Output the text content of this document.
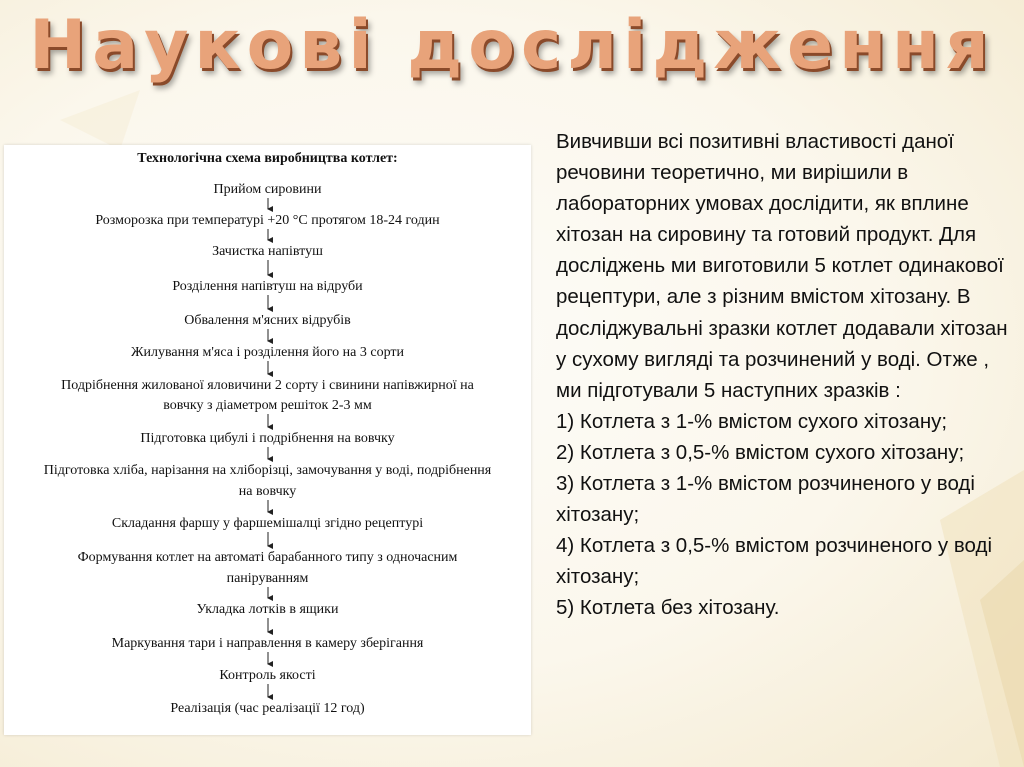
Наукові дослідження
Технологічна схема виробництва котлет:
Прийом сировини
Розморозка при температурі +20 °С протягом 18-24 годин
Зачистка напівтуш
Розділення напівтуш на відруби
Обвалення м'ясних відрубів
Жилування м'яса і розділення його на 3 сорти
Подрібнення жилованої яловичини 2 сорту і свинини напівжирної на
вовчку з діаметром решіток 2-3 мм
Підготовка цибулі і подрібнення на вовчку
Підготовка хліба, нарізання на хліборізці, замочування у воді, подрібнення
на вовчку
Складання фаршу у фаршемішалці згідно рецептурі
Формування котлет на автоматі барабанного типу з одночасним
паніруванням
Укладка лотків в ящики
Маркування тари і направлення в камеру зберігання
Контроль якості
Реалізація (час реалізації 12 год)

Вивчивши всі позитивні властивості даної речовини теоретично, ми вирішили в лабораторних умовах дослідити, як вплине хітозан на сировину та готовий продукт. Для досліджень ми виготовили 5 котлет одинакової рецептури, але з різним вмістом хітозану. В досліджувальні зразки котлет додавали хітозан у сухому вигляді та розчинений у воді. Отже , ми підготували 5 наступних зразків :

1) Котлета з 1-% вмістом сухого хітозану;

2) Котлета з 0,5-% вмістом сухого хітозану;

3) Котлета з 1-% вмістом розчиненого у воді хітозану;

4) Котлета з 0,5-% вмістом розчиненого у воді хітозану;

5) Котлета без хітозану.
